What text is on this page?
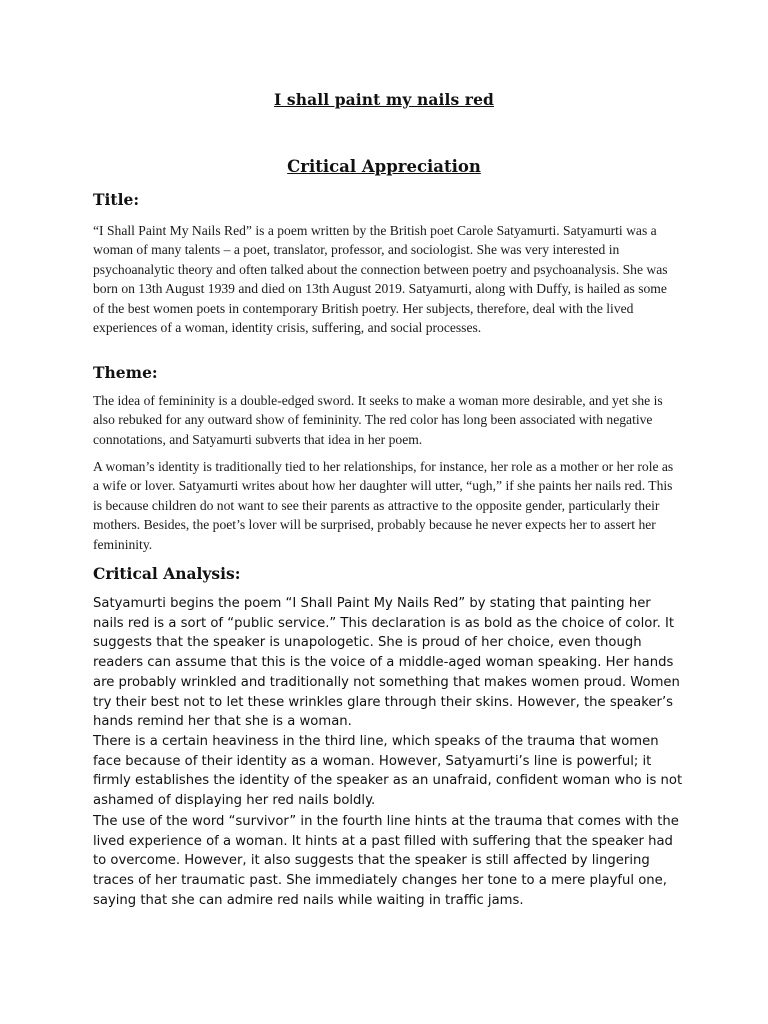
I shall paint my nails red
Critical Appreciation
Title:

“I Shall Paint My Nails Red” is a poem written by the British poet Carole Satyamurti. Satyamurti was a woman of many talents – a poet, translator, professor, and sociologist. She was very interested in psychoanalytic theory and often talked about the connection between poetry and psychoanalysis. She was born on 13th August 1939 and died on 13th August 2019. Satyamurti, along with Duffy, is hailed as some of the best women poets in contemporary British poetry. Her subjects, therefore, deal with the lived experiences of a woman, identity crisis, suffering, and social processes.

Theme:

The idea of femininity is a double-edged sword. It seeks to make a woman more desirable, and yet she is also rebuked for any outward show of femininity. The red color has long been associated with negative connotations, and Satyamurti subverts that idea in her poem.

A woman’s identity is traditionally tied to her relationships, for instance, her role as a mother or her role as a wife or lover. Satyamurti writes about how her daughter will utter, “ugh,” if she paints her nails red. This is because children do not want to see their parents as attractive to the opposite gender, particularly their mothers. Besides, the poet’s lover will be surprised, probably because he never expects her to assert her femininity.

Critical Analysis:

Satyamurti begins the poem “I Shall Paint My Nails Red” by stating that painting her nails red is a sort of “public service.” This declaration is as bold as the choice of color. It suggests that the speaker is unapologetic. She is proud of her choice, even though readers can assume that this is the voice of a middle-aged woman speaking. Her hands are probably wrinkled and traditionally not something that makes women proud. Women try their best not to let these wrinkles glare through their skins. However, the speaker’s hands remind her that she is a woman.

There is a certain heaviness in the third line, which speaks of the trauma that women face because of their identity as a woman. However, Satyamurti’s line is powerful; it firmly establishes the identity of the speaker as an unafraid, confident woman who is not ashamed of displaying her red nails boldly.

The use of the word “survivor” in the fourth line hints at the trauma that comes with the lived experience of a woman. It hints at a past filled with suffering that the speaker had to overcome. However, it also suggests that the speaker is still affected by lingering traces of her traumatic past. She immediately changes her tone to a mere playful one, saying that she can admire red nails while waiting in traffic jams.
